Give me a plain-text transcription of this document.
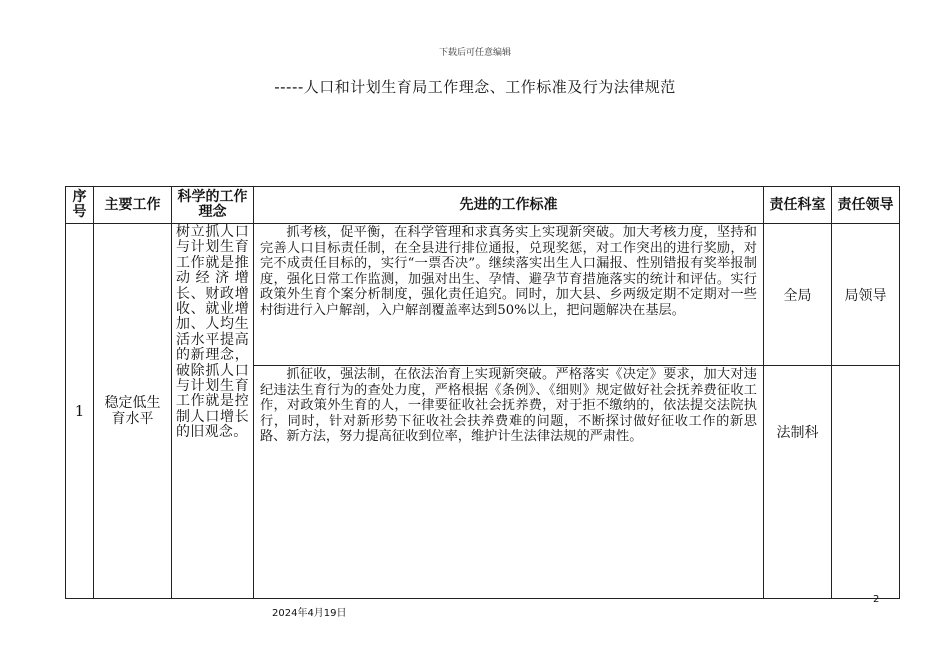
下载后可任意编辑
-----人口和计划生育局工作理念、工作标准及行为法律规范
序号	主要工作	科学的工作理念	先进的工作标准	责任科室	责任领导
1	稳定低生育水平	树立抓人口与计划生育工作就是推动经济增长、财政增收、就业增加、人均生活水平提高的新理念，破除抓人口与计划生育工作就是控制人口增长的旧观念。	抓考核，促平衡，在科学管理和求真务实上实现新突破。加大考核力度，坚持和完善人口目标责任制，在全县进行排位通报，兑现奖惩，对工作突出的进行奖励，对完不成责任目标的，实行“一票否决”。继续落实出生人口漏报、性别错报有奖举报制度，强化日常工作监测，加强对出生、孕情、避孕节育措施落实的统计和评估。实行政策外生育个案分析制度，强化责任追究。同时，加大县、乡两级定期不定期对一些村街进行入户解剖，入户解剖覆盖率达到50%以上，把问题解决在基层。	全局	局领导
			抓征收，强法制，在依法治育上实现新突破。严格落实《决定》要求，加大对违纪违法生育行为的查处力度，严格根据《条例》、《细则》规定做好社会抚养费征收工作，对政策外生育的人，一律要征收社会抚养费，对于拒不缴纳的，依法提交法院执行，同时，针对新形势下征收社会扶养费难的问题，不断探讨做好征收工作的新思路、新方法，努力提高征收到位率，维护计生法律法规的严肃性。	法制科	
2
2024年4月19日
